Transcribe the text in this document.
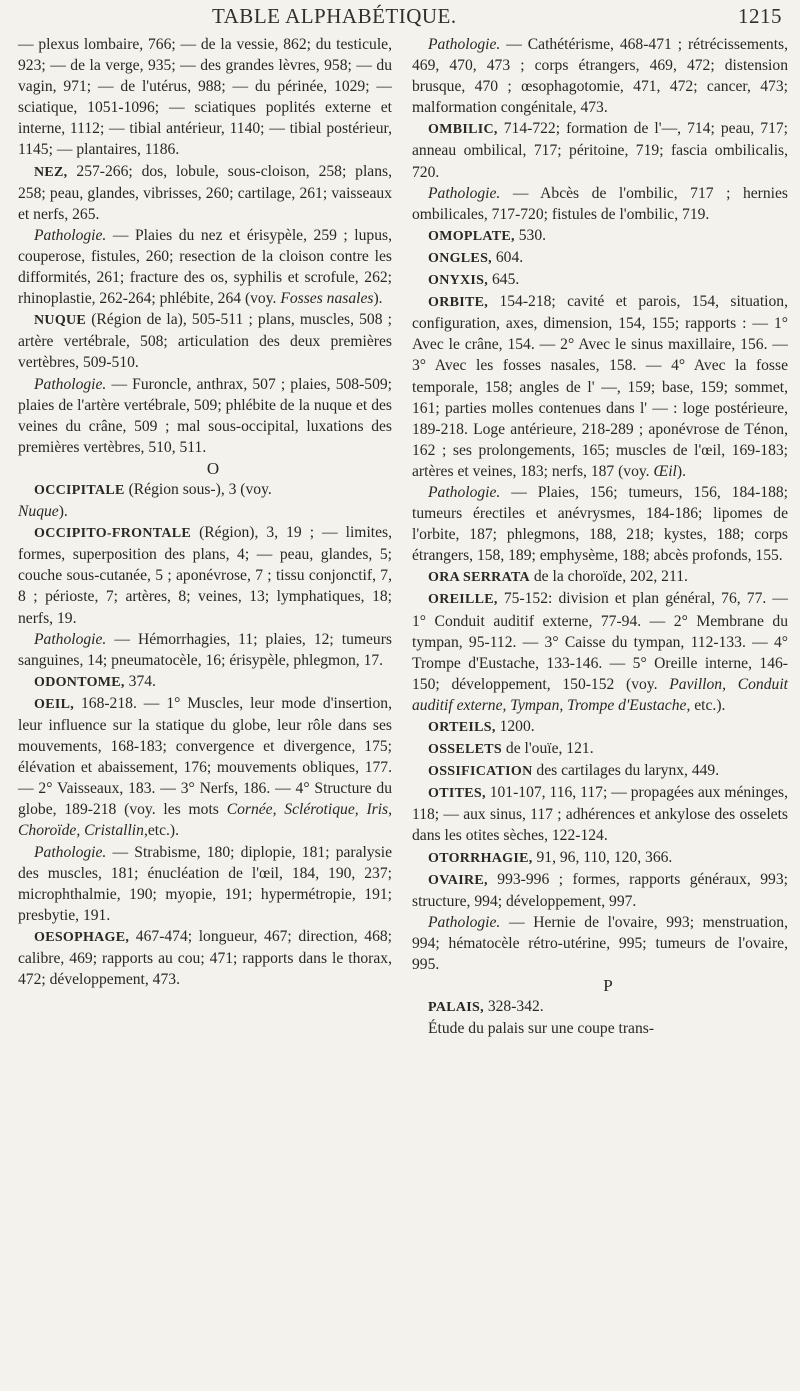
TABLE ALPHABÉTIQUE.	1215

— plexus lombaire, 766; — de la vessie, 862; du testicule, 923; — de la verge, 935; — des grandes lèvres, 958; — du vagin, 971; — de l'utérus, 988; — du périnée, 1029; — sciatique, 1051-1096; — sciatiques poplités externe et interne, 1112; — tibial antérieur, 1140; — tibial postérieur, 1145; — plantaires, 1186.

NEZ, 257-266; dos, lobule, sous-cloison, 258; plans, 258; peau, glandes, vibrisses, 260; cartilage, 261; vaisseaux et nerfs, 265.

Pathologie. — Plaies du nez et érisypèle, 259 ; lupus, couperose, fistules, 260; resection de la cloison contre les difformités, 261; fracture des os, syphilis et scrofule, 262; rhinoplastie, 262-264; phlébite, 264 (voy. Fosses nasales).

NUQUE (Région de la), 505-511 ; plans, muscles, 508 ; artère vertébrale, 508; articulation des deux premières vertèbres, 509-510.

Pathologie. — Furoncle, anthrax, 507 ; plaies, 508-509; plaies de l'artère vertébrale, 509; phlébite de la nuque et des veines du crâne, 509 ; mal sous-occipital, luxations des premières vertèbres, 510, 511.

O

OCCIPITALE (Région sous-), 3 (voy.
Nuque).

OCCIPITO-FRONTALE (Région), 3, 19 ; — limites, formes, superposition des plans, 4; — peau, glandes, 5; couche sous-cutanée, 5 ; aponévrose, 7 ; tissu conjonctif, 7, 8 ; périoste, 7; artères, 8; veines, 13; lymphatiques, 18; nerfs, 19.

Pathologie. — Hémorrhagies, 11; plaies, 12; tumeurs sanguines, 14; pneumatocèle, 16; érisypèle, phlegmon, 17.

ODONTOME, 374.

OEIL, 168-218. — 1° Muscles, leur mode d'insertion, leur influence sur la statique du globe, leur rôle dans ses mouvements, 168-183; convergence et divergence, 175; élévation et abaissement, 176; mouvements obliques, 177. — 2° Vaisseaux, 183. — 3° Nerfs, 186. — 4° Structure du globe, 189-218 (voy. les mots Cornée, Sclérotique, Iris, Choroïde, Cristallin,etc.).

Pathologie. — Strabisme, 180; diplopie, 181; paralysie des muscles, 181; énucléation de l'œil, 184, 190, 237; microphthalmie, 190; myopie, 191; hypermétropie, 191; presbytie, 191.

OESOPHAGE, 467-474; longueur, 467; direction, 468; calibre, 469; rapports au cou; 471; rapports dans le thorax, 472; développement, 473.

Pathologie. — Cathétérisme, 468-471 ; rétrécissements, 469, 470, 473 ; corps étrangers, 469, 472; distension brusque, 470 ; œsophagotomie, 471, 472; cancer, 473; malformation congénitale, 473.

OMBILIC, 714-722; formation de l'—, 714; peau, 717; anneau ombilical, 717; péritoine, 719; fascia ombilicalis, 720.

Pathologie. — Abcès de l'ombilic, 717 ; hernies ombilicales, 717-720; fistules de l'ombilic, 719.

OMOPLATE, 530.

ONGLES, 604.

ONYXIS, 645.

ORBITE, 154-218; cavité et parois, 154, situation, configuration, axes, dimension, 154, 155; rapports : — 1° Avec le crâne, 154. — 2° Avec le sinus maxillaire, 156. — 3° Avec les fosses nasales, 158. — 4° Avec la fosse temporale, 158; angles de l' —, 159; base, 159; sommet, 161; parties molles contenues dans l' — : loge postérieure, 189-218. Loge antérieure, 218-289 ; aponévrose de Ténon, 162 ; ses prolongements, 165; muscles de l'œil, 169-183; artères et veines, 183; nerfs, 187 (voy. Œil).

Pathologie. — Plaies, 156; tumeurs, 156, 184-188; tumeurs érectiles et anévrysmes, 184-186; lipomes de l'orbite, 187; phlegmons, 188, 218; kystes, 188; corps étrangers, 158, 189; emphysème, 188; abcès profonds, 155.

ORA SERRATA de la choroïde, 202, 211.

OREILLE, 75-152: division et plan général, 76, 77. — 1° Conduit auditif externe, 77-94. — 2° Membrane du tympan, 95-112. — 3° Caisse du tympan, 112-133. — 4° Trompe d'Eustache, 133-146. — 5° Oreille interne, 146-150; développement, 150-152 (voy. Pavillon, Conduit auditif externe, Tympan, Trompe d'Eustache, etc.).

ORTEILS, 1200.

OSSELETS de l'ouïe, 121.

OSSIFICATION des cartilages du larynx, 449.

OTITES, 101-107, 116, 117; — propagées aux méninges, 118; — aux sinus, 117 ; adhérences et ankylose des osselets dans les otites sèches, 122-124.

OTORRHAGIE, 91, 96, 110, 120, 366.

OVAIRE, 993-996 ; formes, rapports généraux, 993; structure, 994; développement, 997.

Pathologie. — Hernie de l'ovaire, 993; menstruation, 994; hématocèle rétro-utérine, 995; tumeurs de l'ovaire, 995.

P

PALAIS, 328-342.

Étude du palais sur une coupe trans-
